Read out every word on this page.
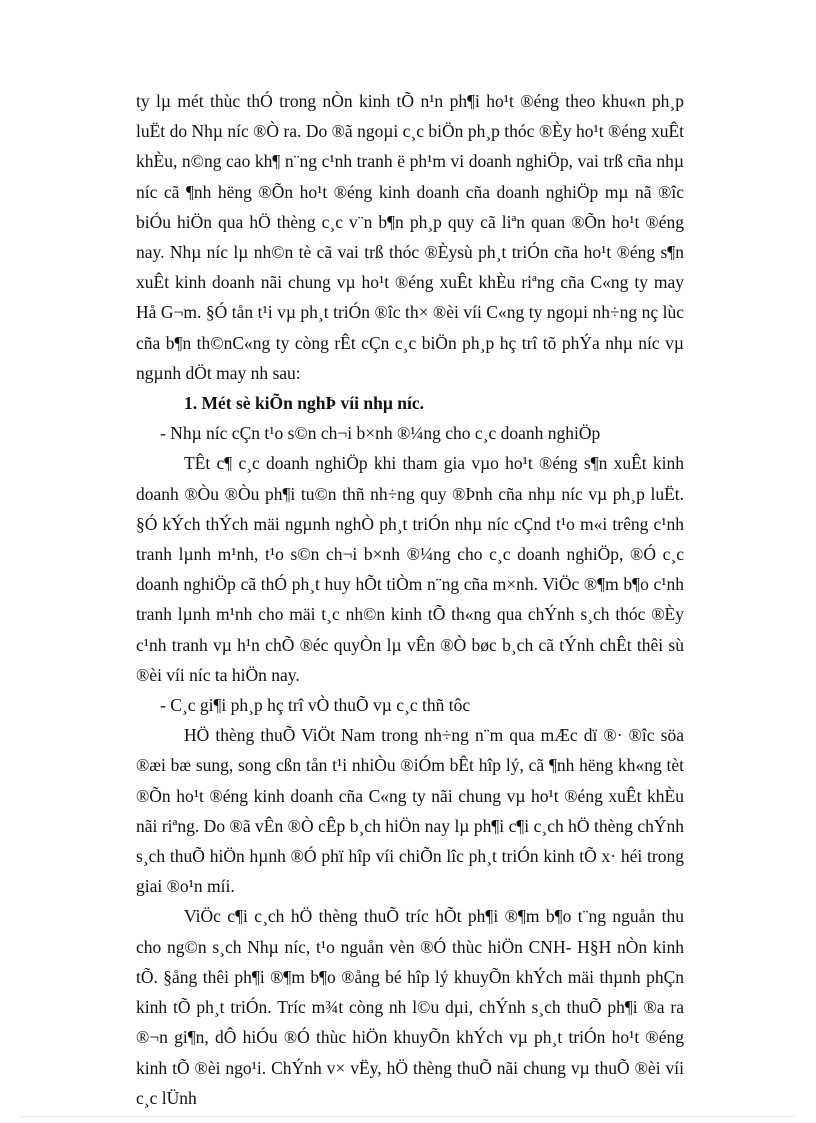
ty lµ mét thùc thÓ trong nÒn kinh tÕ n¹n ph¶i ho¹t ®éng theo khu«n ph¸p luËt do Nhµ níc ®Ò ra. Do ®ã ngoµi c¸c biÖn ph¸p thóc ®Èy ho¹t ®éng xuÊt khÈu, n©ng cao kh¶ n¨ng c¹nh tranh ë ph¹m vi doanh nghiÖp, vai trß cña nhµ níc cã ¶nh hëng ®Õn ho¹t ®éng kinh doanh cña doanh nghiÖp mµ nã ®îc biÓu hiÖn qua hÖ thèng c¸c v¨n b¶n ph¸p quy cã liªn quan ®Õn ho¹t ®éng nay. Nhµ níc lµ nh©n tè cã vai trß thóc ®Èysù ph¸t triÓn cña ho¹t ®éng s¶n xuÊt kinh doanh nãi chung vµ ho¹t ®éng xuÊt khÈu riªng cña C«ng ty may Hå G¬m. §Ó tån t¹i vµ ph¸t triÓn ®îc th× ®èi víi C«ng ty ngoµi nh÷ng nç lùc cña b¶n th©nC«ng ty còng rÊt cÇn c¸c biÖn ph¸p hç trî tõ phÝa nhµ níc vµ ngµnh dÖt may nh sau:

1. Mét sè kiÕn nghÞ víi nhµ níc.

- Nhµ níc cÇn t¹o s©n ch¬i b×nh ®¼ng cho c¸c doanh nghiÖp

TÊt c¶ c¸c doanh nghiÖp khi tham gia vµo ho¹t ®éng s¶n xuÊt kinh doanh ®Òu ®Òu ph¶i tu©n thñ nh÷ng quy ®Þnh cña nhµ níc vµ ph¸p luËt. §Ó kÝch thÝch mäi ngµnh nghÒ ph¸t triÓn nhµ níc cÇnd t¹o m«i trêng c¹nh tranh lµnh m¹nh, t¹o s©n ch¬i b×nh ®¼ng cho c¸c doanh nghiÖp, ®Ó c¸c doanh nghiÖp cã thÓ ph¸t huy hÕt tiÒm n¨ng cña m×nh. ViÖc ®¶m b¶o c¹nh tranh lµnh m¹nh cho mäi t¸c nh©n kinh tÕ th«ng qua chÝnh s¸ch thóc ®Èy c¹nh tranh vµ h¹n chÕ ®éc quyÒn lµ vÊn ®Ò bøc b¸ch cã tÝnh chÊt thêi sù ®èi víi níc ta hiÖn nay.

- C¸c gi¶i ph¸p hç trî vÒ thuÕ vµ c¸c thñ tôc

HÖ thèng thuÕ ViÖt Nam trong nh÷ng n¨m qua mÆc dï ®· ®îc söa ®æi bæ sung, song cßn tån t¹i nhiÒu ®iÓm bÊt hîp lý, cã ¶nh hëng kh«ng tèt ®Õn ho¹t ®éng kinh doanh cña C«ng ty nãi chung vµ ho¹t ®éng xuÊt khÈu nãi riªng. Do ®ã vÊn ®Ò cÊp b¸ch hiÖn nay lµ ph¶i c¶i c¸ch hÖ thèng chÝnh s¸ch thuÕ hiÖn hµnh ®Ó phï hîp víi chiÕn lîc ph¸t triÓn kinh tÕ x· héi trong giai ®o¹n míi.

ViÖc c¶i c¸ch hÖ thèng thuÕ tríc hÕt ph¶i ®¶m b¶o t¨ng nguån thu cho ng©n s¸ch Nhµ níc, t¹o nguån vèn ®Ó thùc hiÖn CNH- H§H nÒn kinh tÕ. §ång thêi ph¶i ®¶m b¶o ®ång bé hîp lý khuyÕn khÝch mäi thµnh phÇn kinh tÕ ph¸t triÓn. Tríc m¾t còng nh l©u dµi, chÝnh s¸ch thuÕ ph¶i ®a ra ®¬n gi¶n, dÔ hiÓu ®Ó thùc hiÖn khuyÕn khÝch vµ ph¸t triÓn ho¹t ®éng kinh tÕ ®èi ngo¹i. ChÝnh v× vËy, hÖ thèng thuÕ nãi chung vµ thuÕ ®èi víi c¸c lÜnh
